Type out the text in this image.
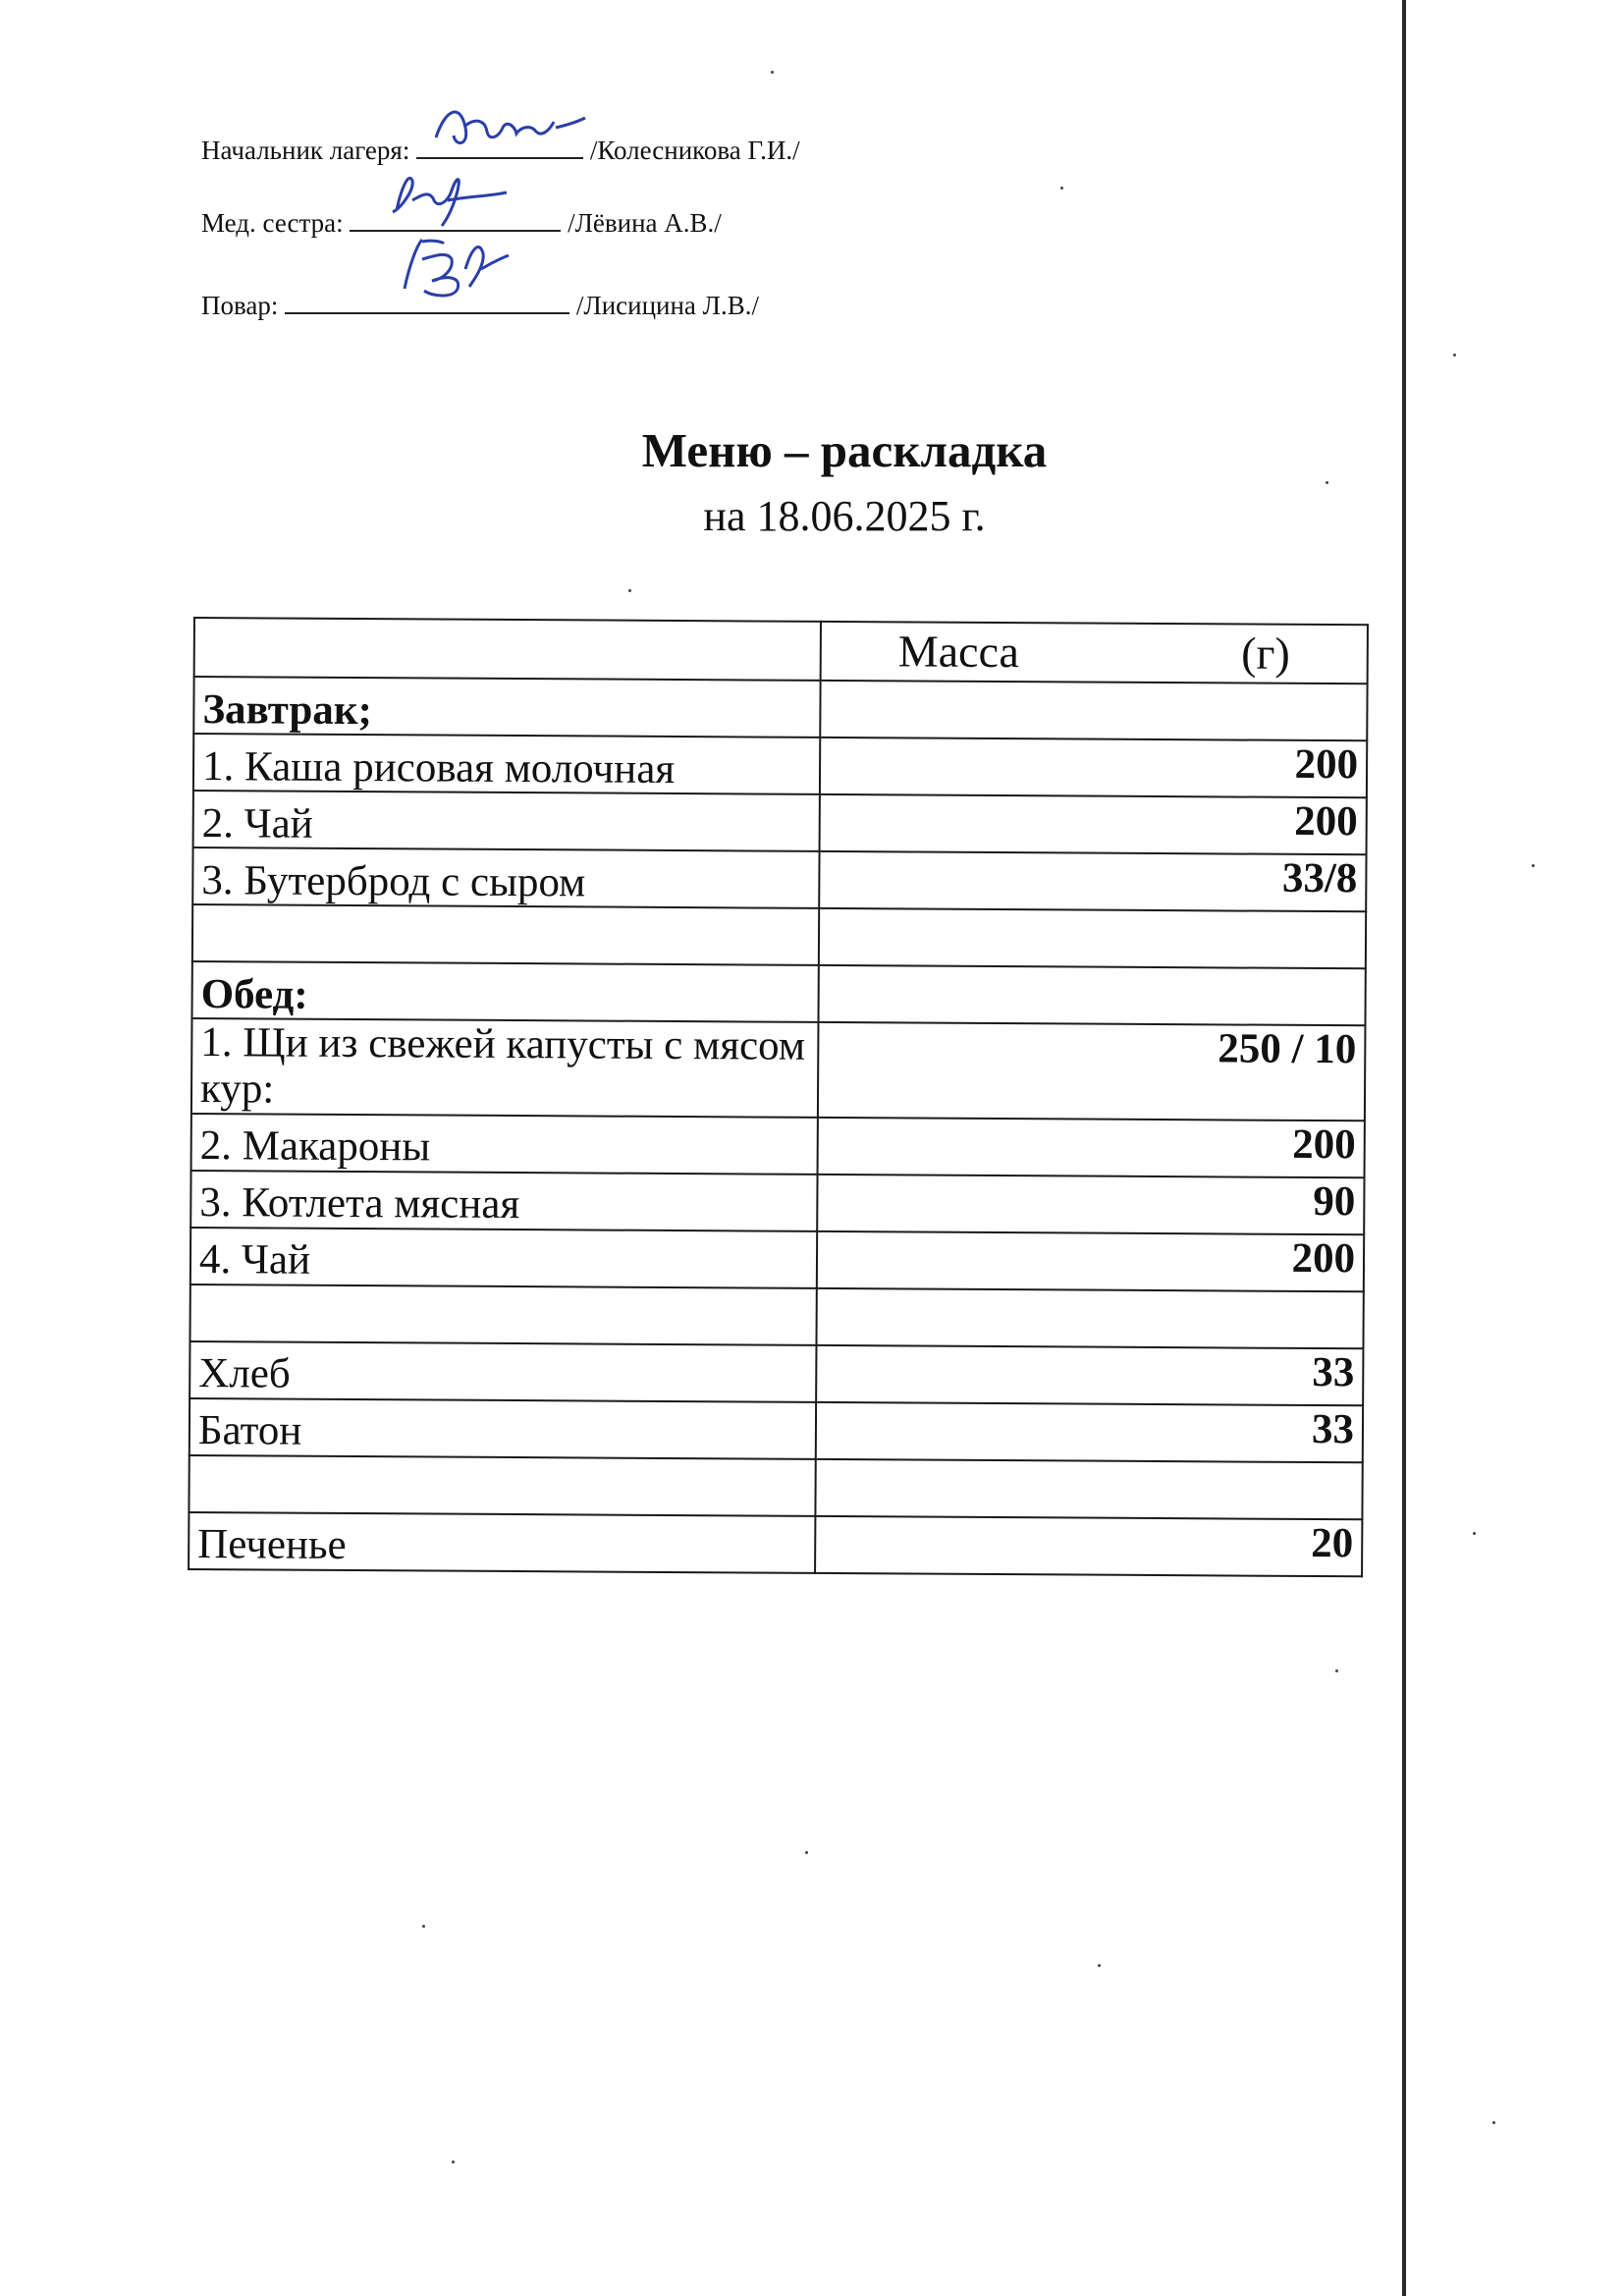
Начальник лагеря:	/Колесникова Г.И./
Мед. сестра:	/Лёвина А.В./
Повар:	/Лисицина Л.В./
Меню – раскладка
на 18.06.2025 г.

	Масса (г)

Завтрак;	
1. Каша рисовая молочная	200
2. Чай	200
3. Бутерброд с сыром	33/8

Обед:	
1. Щи из свежей капусты с мясом кур:	250 / 10
2. Макароны	200
3. Котлета мясная	90
4. Чай	200

Хлеб	33
Батон	33

Печенье	20
